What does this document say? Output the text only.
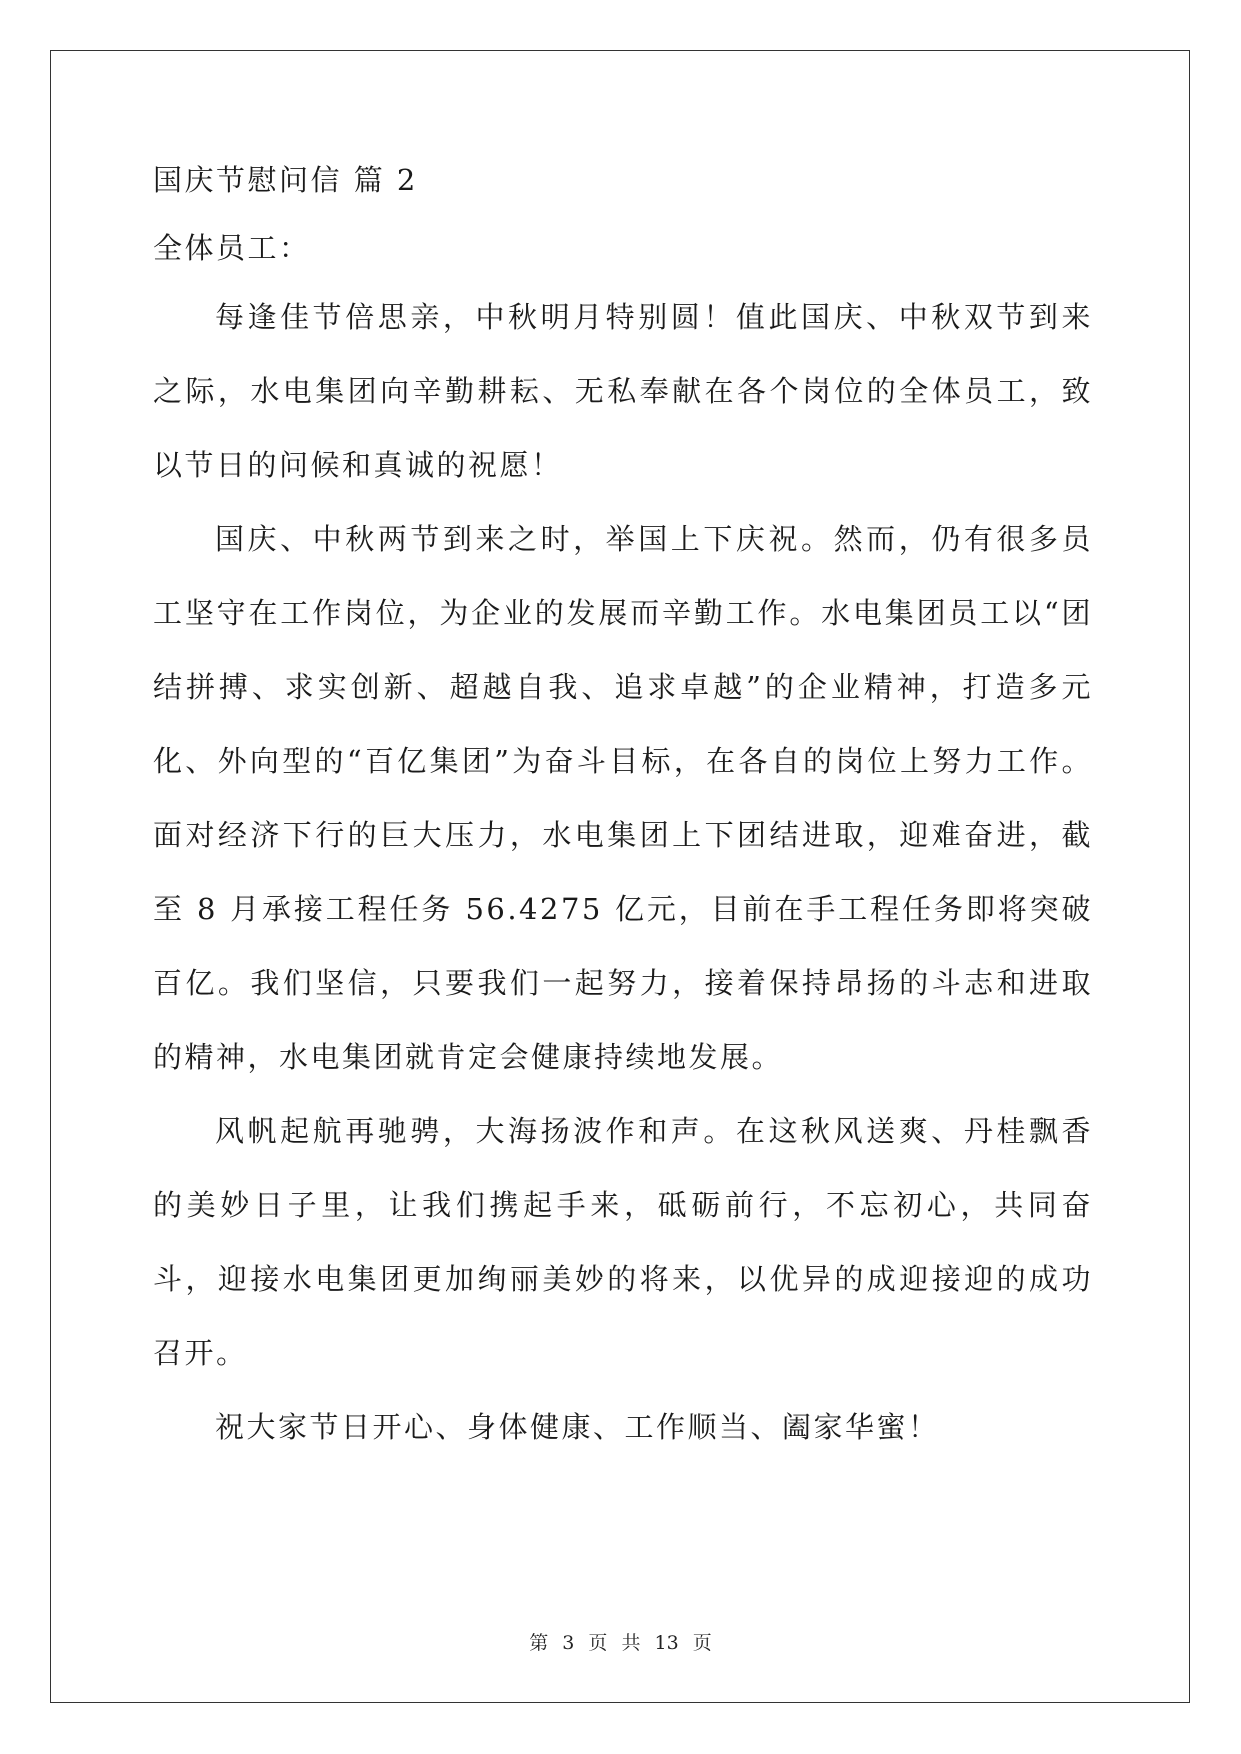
国庆节慰问信 篇 2
全体员工：

每逢佳节倍思亲，中秋明月特别圆！值此国庆、中秋双节到来之际，水电集团向辛勤耕耘、无私奉献在各个岗位的全体员工，致以节日的问候和真诚的祝愿！

国庆、中秋两节到来之时，举国上下庆祝。然而，仍有很多员工坚守在工作岗位，为企业的发展而辛勤工作。水电集团员工以“团结拼搏、求实创新、超越自我、追求卓越”的企业精神，打造多元化、外向型的“百亿集团”为奋斗目标，在各自的岗位上努力工作。面对经济下行的巨大压力，水电集团上下团结进取，迎难奋进，截至 8 月承接工程任务 56.4275 亿元，目前在手工程任务即将突破百亿。我们坚信，只要我们一起努力，接着保持昂扬的斗志和进取的精神，水电集团就肯定会健康持续地发展。

风帆起航再驰骋，大海扬波作和声。在这秋风送爽、丹桂飘香的美妙日子里，让我们携起手来，砥砺前行，不忘初心，共同奋斗，迎接水电集团更加绚丽美妙的将来，以优异的成迎接迎的成功召开。

祝大家节日开心、身体健康、工作顺当、阖家华蜜！

第 3 页 共 13 页
